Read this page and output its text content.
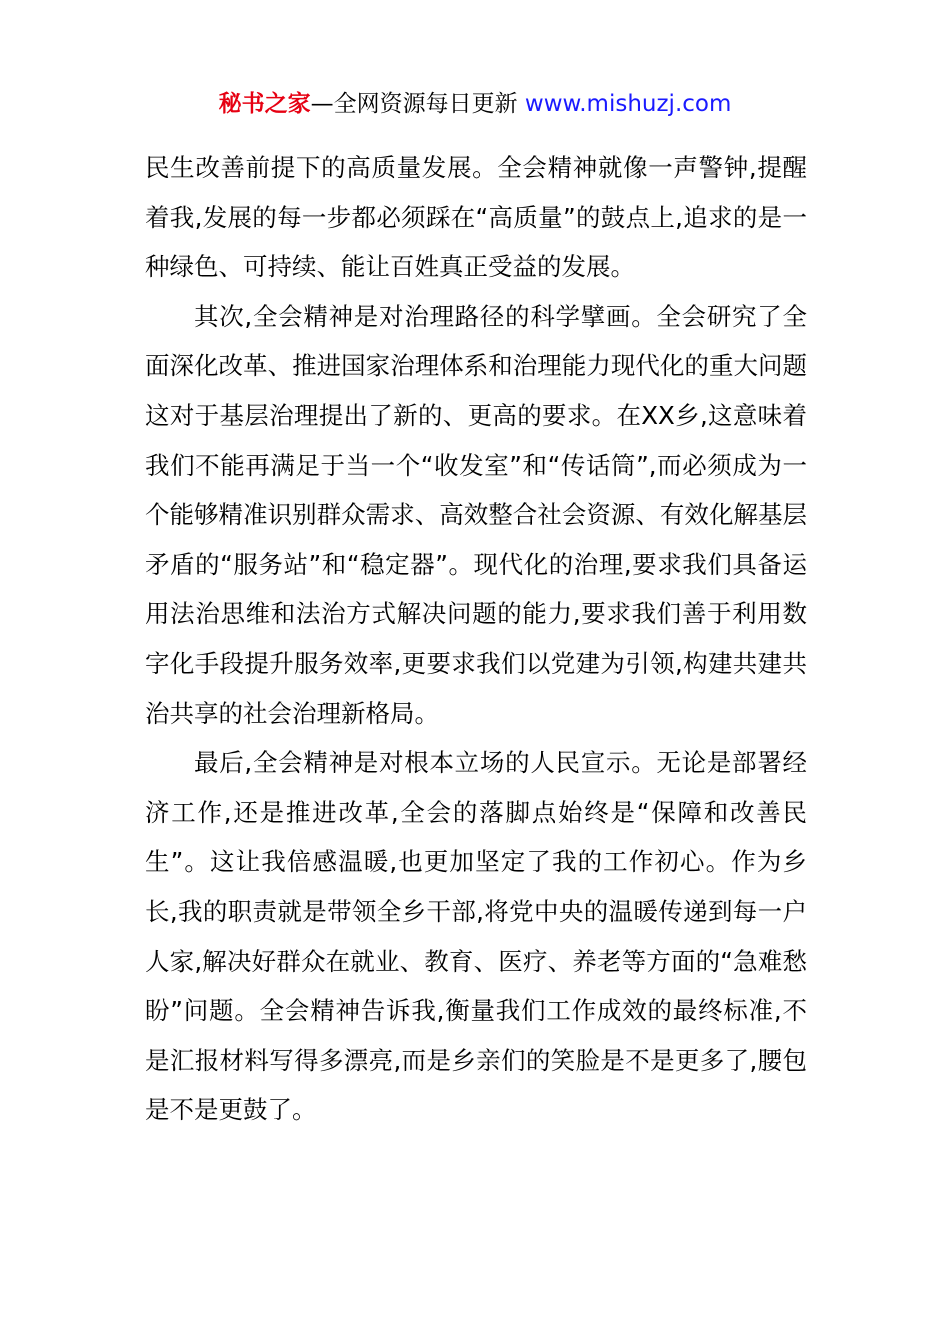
秘书之家—全网资源每日更新 www.mishuzj.com

民生改善前提下的高质量发展。全会精神就像一声警钟,提醒着我,发展的每一步都必须踩在“高质量”的鼓点上,追求的是一种绿色、可持续、能让百姓真正受益的发展。

其次,全会精神是对治理路径的科学擘画。全会研究了全面深化改革、推进国家治理体系和治理能力现代化的重大问题这对于基层治理提出了新的、更高的要求。在XX乡,这意味着我们不能再满足于当一个“收发室”和“传话筒”,而必须成为一个能够精准识别群众需求、高效整合社会资源、有效化解基层矛盾的“服务站”和“稳定器”。现代化的治理,要求我们具备运用法治思维和法治方式解决问题的能力,要求我们善于利用数字化手段提升服务效率,更要求我们以党建为引领,构建共建共治共享的社会治理新格局。

最后,全会精神是对根本立场的人民宣示。无论是部署经济工作,还是推进改革,全会的落脚点始终是“保障和改善民生”。这让我倍感温暖,也更加坚定了我的工作初心。作为乡长,我的职责就是带领全乡干部,将党中央的温暖传递到每一户人家,解决好群众在就业、教育、医疗、养老等方面的“急难愁盼”问题。全会精神告诉我,衡量我们工作成效的最终标准,不是汇报材料写得多漂亮,而是乡亲们的笑脸是不是更多了,腰包是不是更鼓了。
